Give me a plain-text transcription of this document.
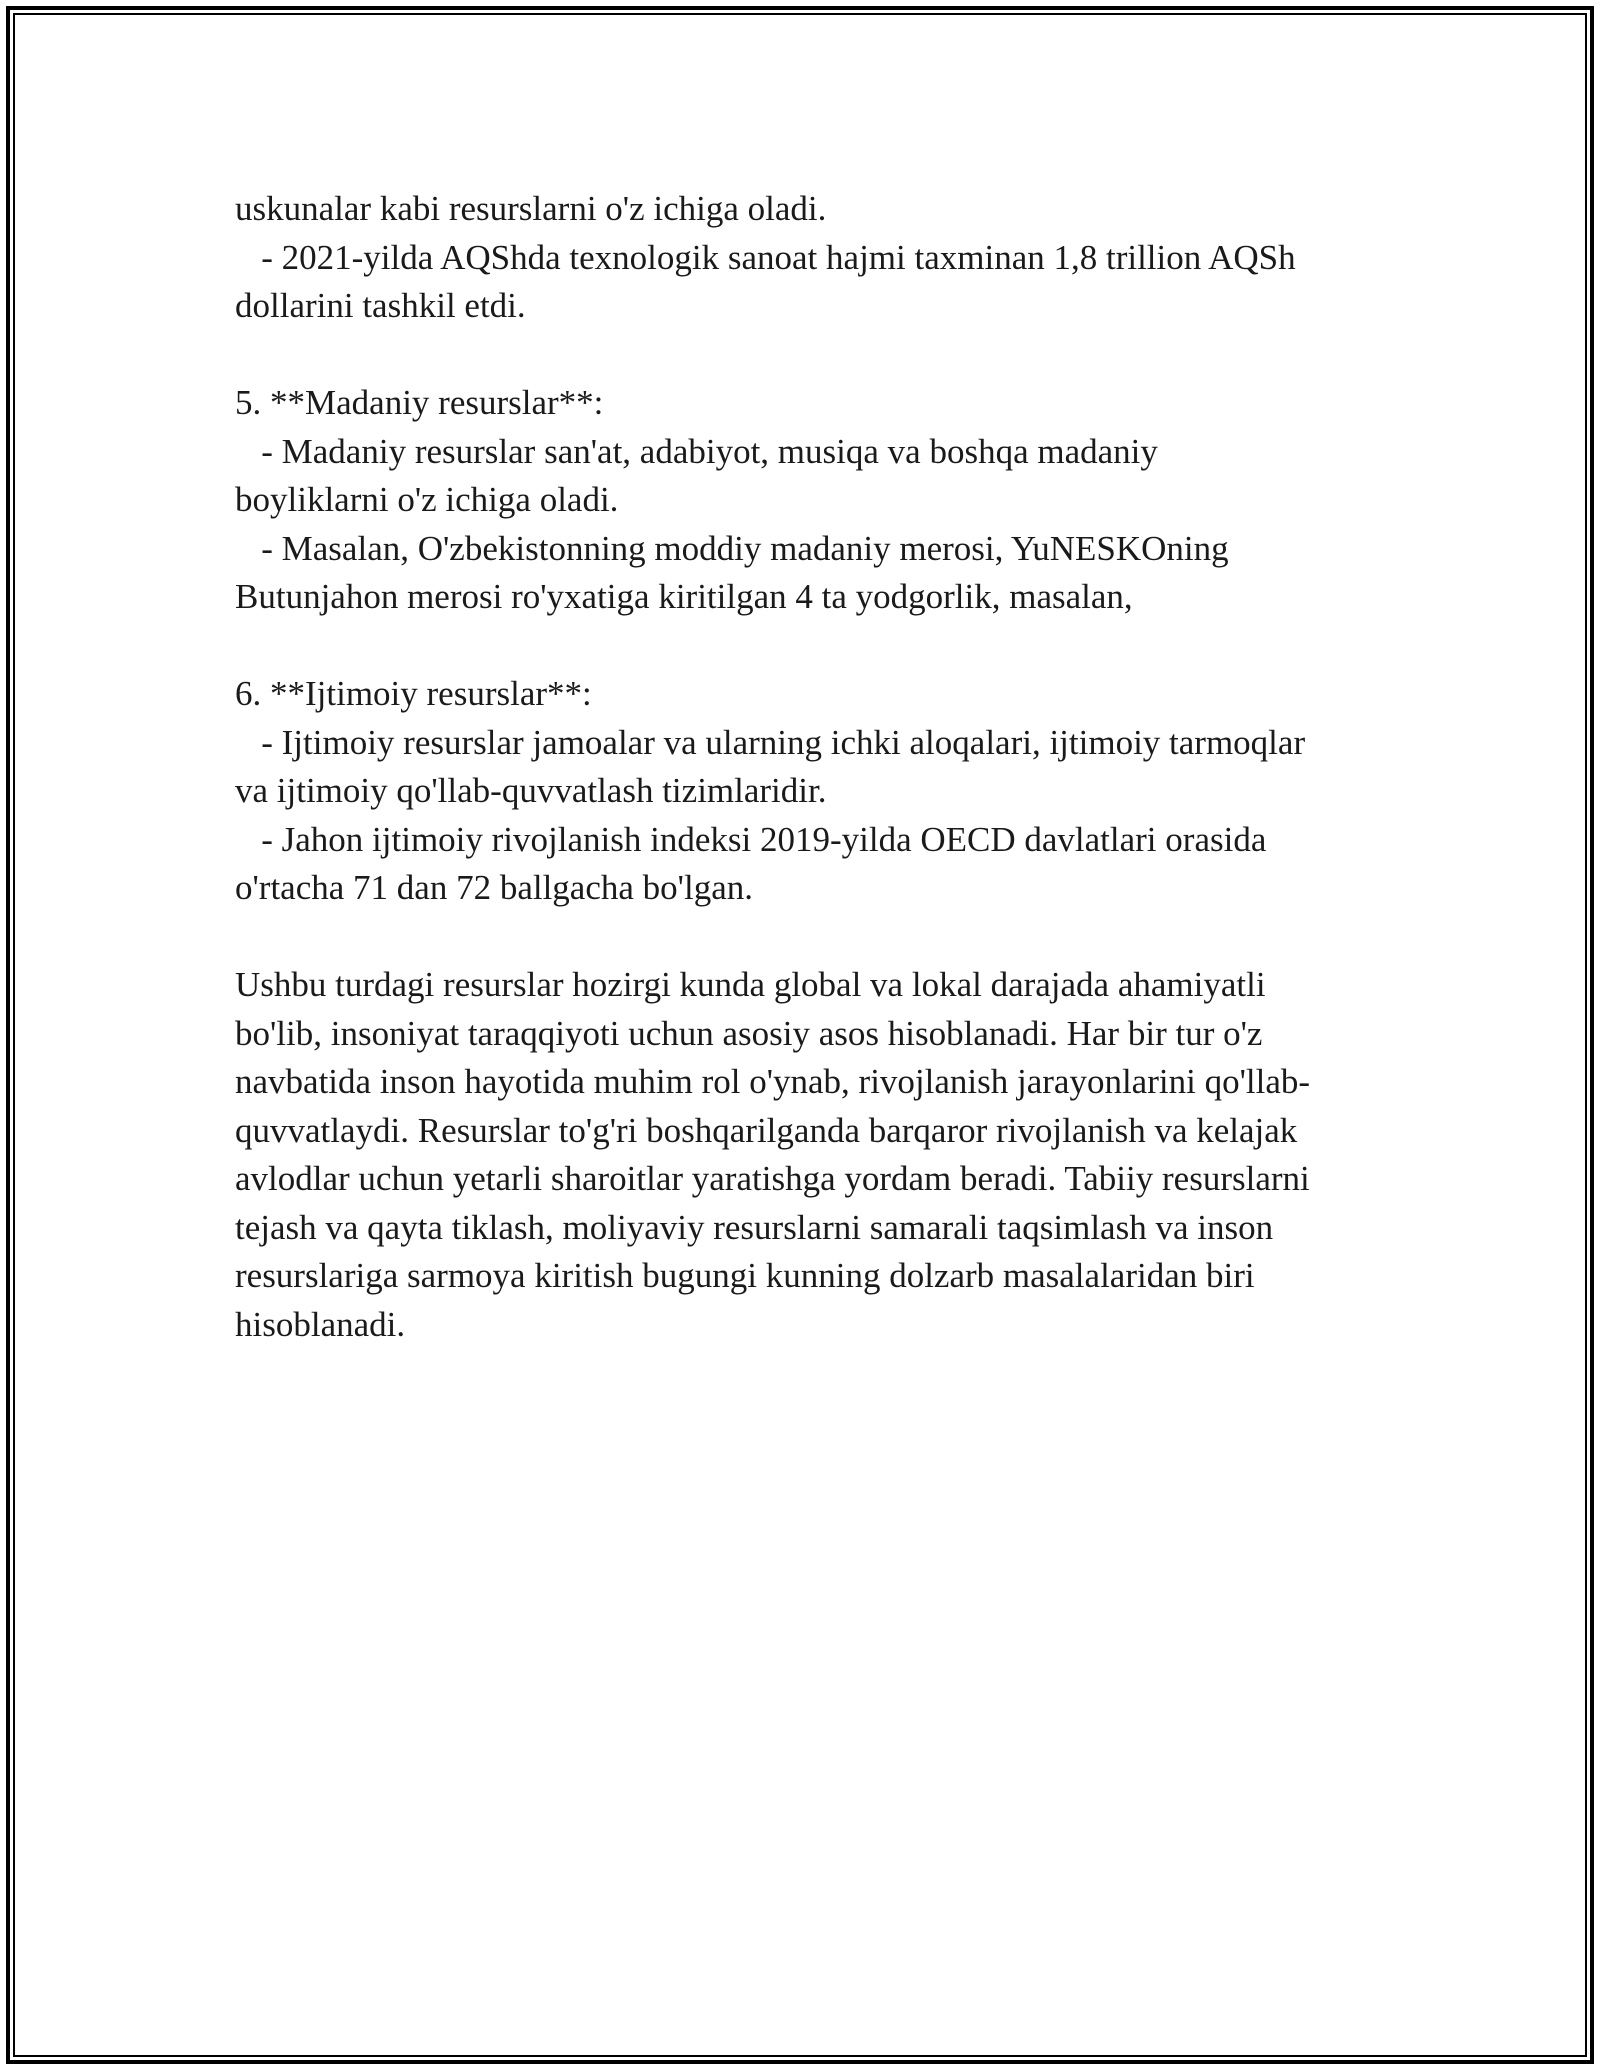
uskunalar kabi resurslarni o'z ichiga oladi.
- 2021-yilda AQShda texnologik sanoat hajmi taxminan 1,8 trillion AQSh
dollarini tashkil etdi.
5. **Madaniy resurslar**:
- Madaniy resurslar san'at, adabiyot, musiqa va boshqa madaniy
boyliklarni o'z ichiga oladi.
- Masalan, O'zbekistonning moddiy madaniy merosi, YuNESKOning
Butunjahon merosi ro'yxatiga kiritilgan 4 ta yodgorlik, masalan,
6. **Ijtimoiy resurslar**:
- Ijtimoiy resurslar jamoalar va ularning ichki aloqalari, ijtimoiy tarmoqlar
va ijtimoiy qo'llab-quvvatlash tizimlaridir.
- Jahon ijtimoiy rivojlanish indeksi 2019-yilda OECD davlatlari orasida
o'rtacha 71 dan 72 ballgacha bo'lgan.
Ushbu turdagi resurslar hozirgi kunda global va lokal darajada ahamiyatli
bo'lib, insoniyat taraqqiyoti uchun asosiy asos hisoblanadi. Har bir tur o'z
navbatida inson hayotida muhim rol o'ynab, rivojlanish jarayonlarini qo'llab-
quvvatlaydi. Resurslar to'g'ri boshqarilganda barqaror rivojlanish va kelajak
avlodlar uchun yetarli sharoitlar yaratishga yordam beradi. Tabiiy resurslarni
tejash va qayta tiklash, moliyaviy resurslarni samarali taqsimlash va inson
resurslariga sarmoya kiritish bugungi kunning dolzarb masalalaridan biri
hisoblanadi.
